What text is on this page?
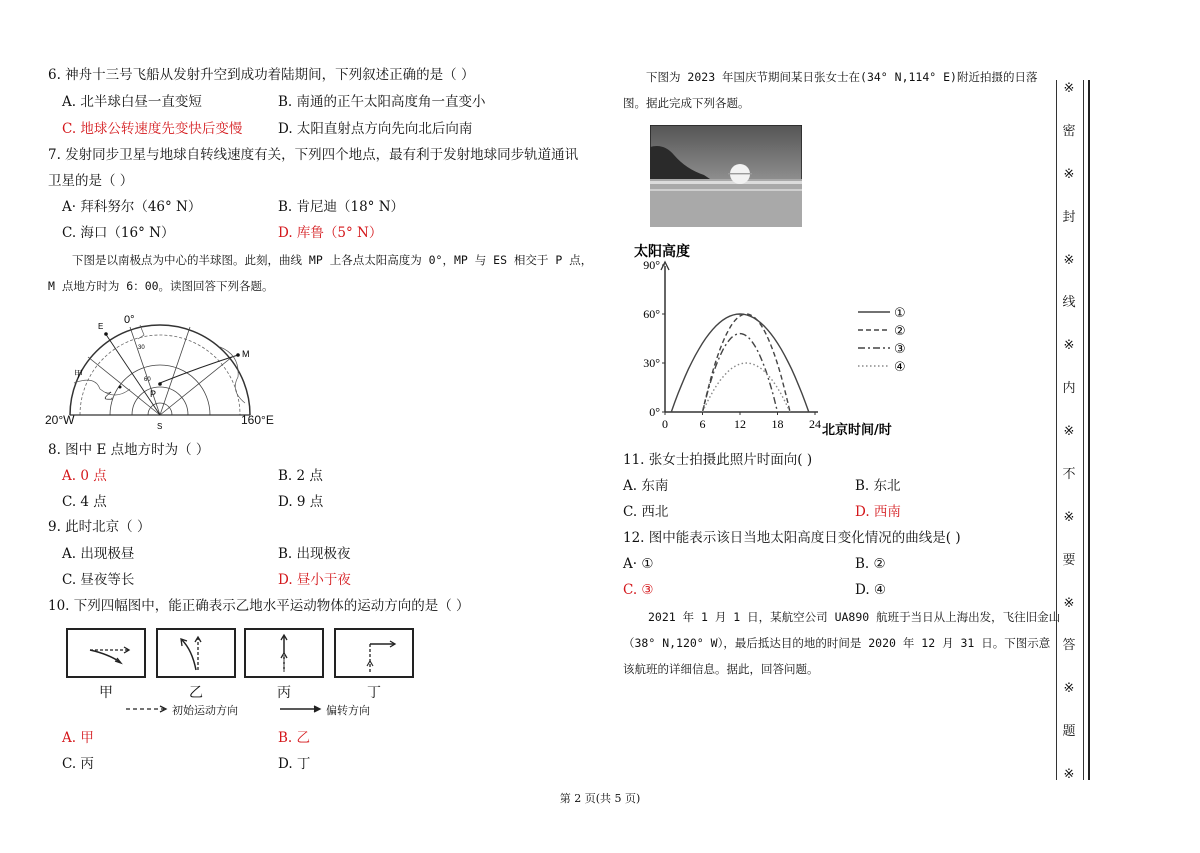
6. 神舟十三号飞船从发射升空到成功着陆期间，下列叙述正确的是（ ）
A. 北半球白昼一直变短	B. 南通的正午太阳高度角一直变小
C. 地球公转速度先变快后变慢	D. 太阳直射点方向先向北后向南
7. 发射同步卫星与地球自转线速度有关，下列四个地点，最有利于发射地球同步轨道通讯
卫星的是（ ）
A· 拜科努尔（46° N）	B. 肯尼迪（18° N）
C. 海口（16° N）	D. 库鲁（5° N）
下图是以南极点为中心的半球图。此刻，曲线 MP 上各点太阳高度为 0°，MP 与 ES 相交于 P 点，
M 点地方时为 6：00。读图回答下列各题。
0°
E
M
P
S
甲
乙
30
60
20°W	160°E
8. 图中 E 点地方时为（ ）
A. 0 点	B. 2 点
C. 4 点	D. 9 点
9. 此时北京（ ）
A. 出现极昼	B. 出现极夜
C. 昼夜等长	D. 昼小于夜
10. 下列四幅图中，能正确表示乙地水平运动物体的运动方向的是（ ）
甲	乙	丙	丁
初始运动方向	偏转方向
A. 甲	B. 乙
C. 丙	D. 丁
下图为 2023 年国庆节期间某日张女士在(34° N,114° E)附近拍摄的日落
图。据此完成下列各题。
太阳高度
0	6 12 18 24
0°
30°
60°
90°
①
②
③
④
北京时间/时
11. 张女士拍摄此照片时面向( )
A. 东南	B. 东北
C. 西北	D. 西南
12. 图中能表示该日当地太阳高度日变化情况的曲线是( )
A· ①	B. ②
C. ③	D. ④
2021 年 1 月 1 日，某航空公司 UA890 航班于当日从上海出发，飞往旧金山
（38° N,120° W），最后抵达目的地的时间是 2020 年 12 月 31 日。下图示意
该航班的详细信息。据此，回答问题。
※
密
※
封
※
线
※
内
※
不
※
要
※
答
※
题
※
第 2 页(共 5 页)
